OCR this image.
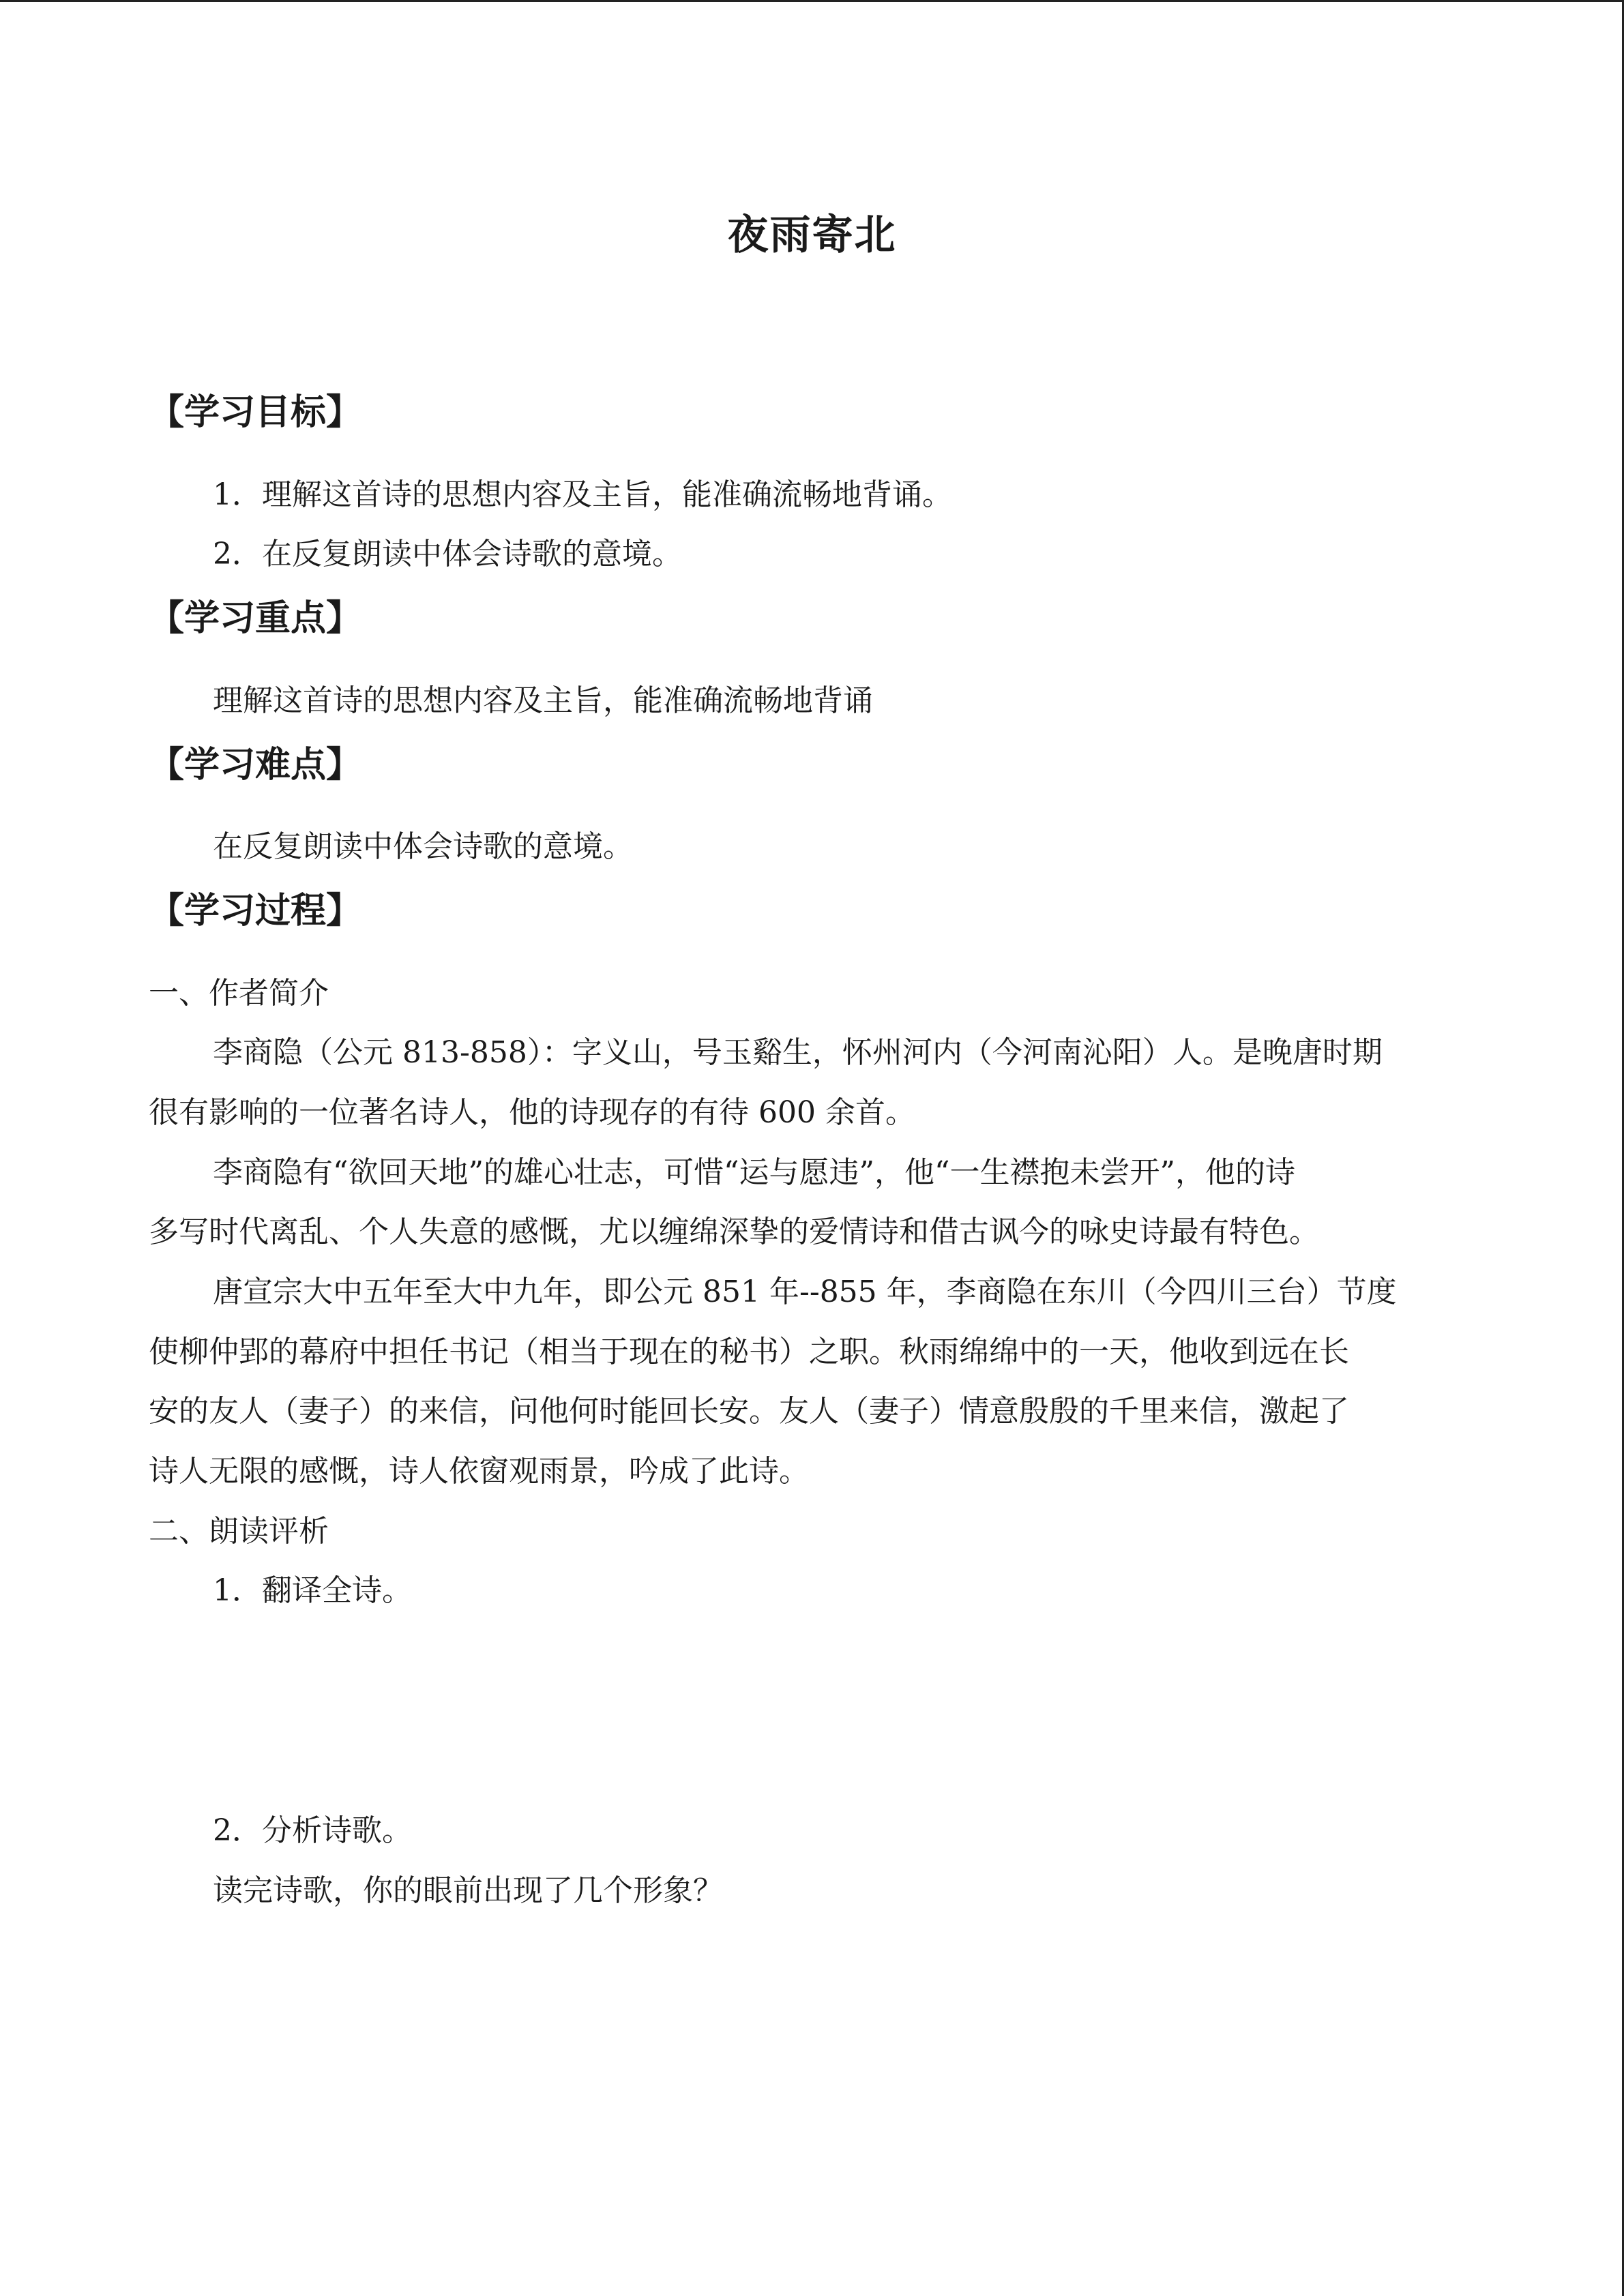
夜雨寄北
【学习目标】
1．理解这首诗的思想内容及主旨，能准确流畅地背诵。
2．在反复朗读中体会诗歌的意境。
【学习重点】
理解这首诗的思想内容及主旨，能准确流畅地背诵
【学习难点】
在反复朗读中体会诗歌的意境。
【学习过程】
一、作者简介
李商隐（公元 813-858）：字义山，号玉谿生，怀州河内（今河南沁阳）人。是晚唐时期
很有影响的一位著名诗人，他的诗现存的有待 600 余首。
李商隐有“欲回天地”的雄心壮志，可惜“运与愿违”，他“一生襟抱未尝开”，他的诗
多写时代离乱、个人失意的感慨，尤以缠绵深挚的爱情诗和借古讽今的咏史诗最有特色。
唐宣宗大中五年至大中九年，即公元 851 年--855 年，李商隐在东川（今四川三台）节度
使柳仲郢的幕府中担任书记（相当于现在的秘书）之职。秋雨绵绵中的一天，他收到远在长
安的友人（妻子）的来信，问他何时能回长安。友人（妻子）情意殷殷的千里来信，激起了
诗人无限的感慨，诗人依窗观雨景，吟成了此诗。
二、朗读评析
1．翻译全诗。
2．分析诗歌。
读完诗歌，你的眼前出现了几个形象？
